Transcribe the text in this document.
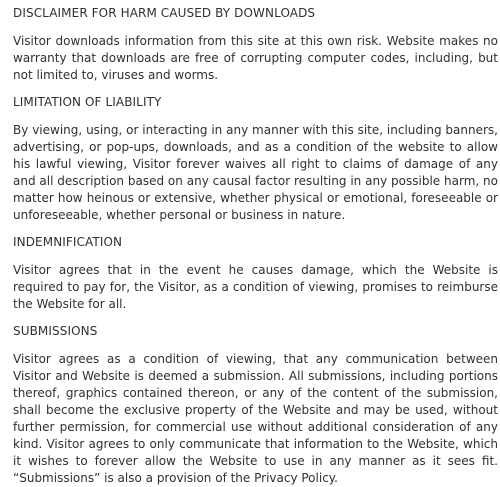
DISCLAIMER FOR HARM CAUSED BY DOWNLOADS

Visitor downloads information from this site at this own risk. Website makes no warranty that downloads are free of corrupting computer codes, including, but not limited to, viruses and worms.

LIMITATION OF LIABILITY

By viewing, using, or interacting in any manner with this site, including banners, advertising, or pop-ups, downloads, and as a condition of the website to allow his lawful viewing, Visitor forever waives all right to claims of damage of any and all description based on any causal factor resulting in any possible harm, no matter how heinous or extensive, whether physical or emotional, foreseeable or unforeseeable, whether personal or business in nature.

INDEMNIFICATION

Visitor agrees that in the event he causes damage, which the Website is required to pay for, the Visitor, as a condition of viewing, promises to reimburse the Website for all.

SUBMISSIONS

Visitor agrees as a condition of viewing, that any communication between Visitor and Website is deemed a submission. All submissions, including portions thereof, graphics contained thereon, or any of the content of the submission, shall become the exclusive property of the Website and may be used, without further permission, for commercial use without additional consideration of any kind. Visitor agrees to only communicate that information to the Website, which it wishes to forever allow the Website to use in any manner as it sees fit. “Submissions” is also a provision of the Privacy Policy.
